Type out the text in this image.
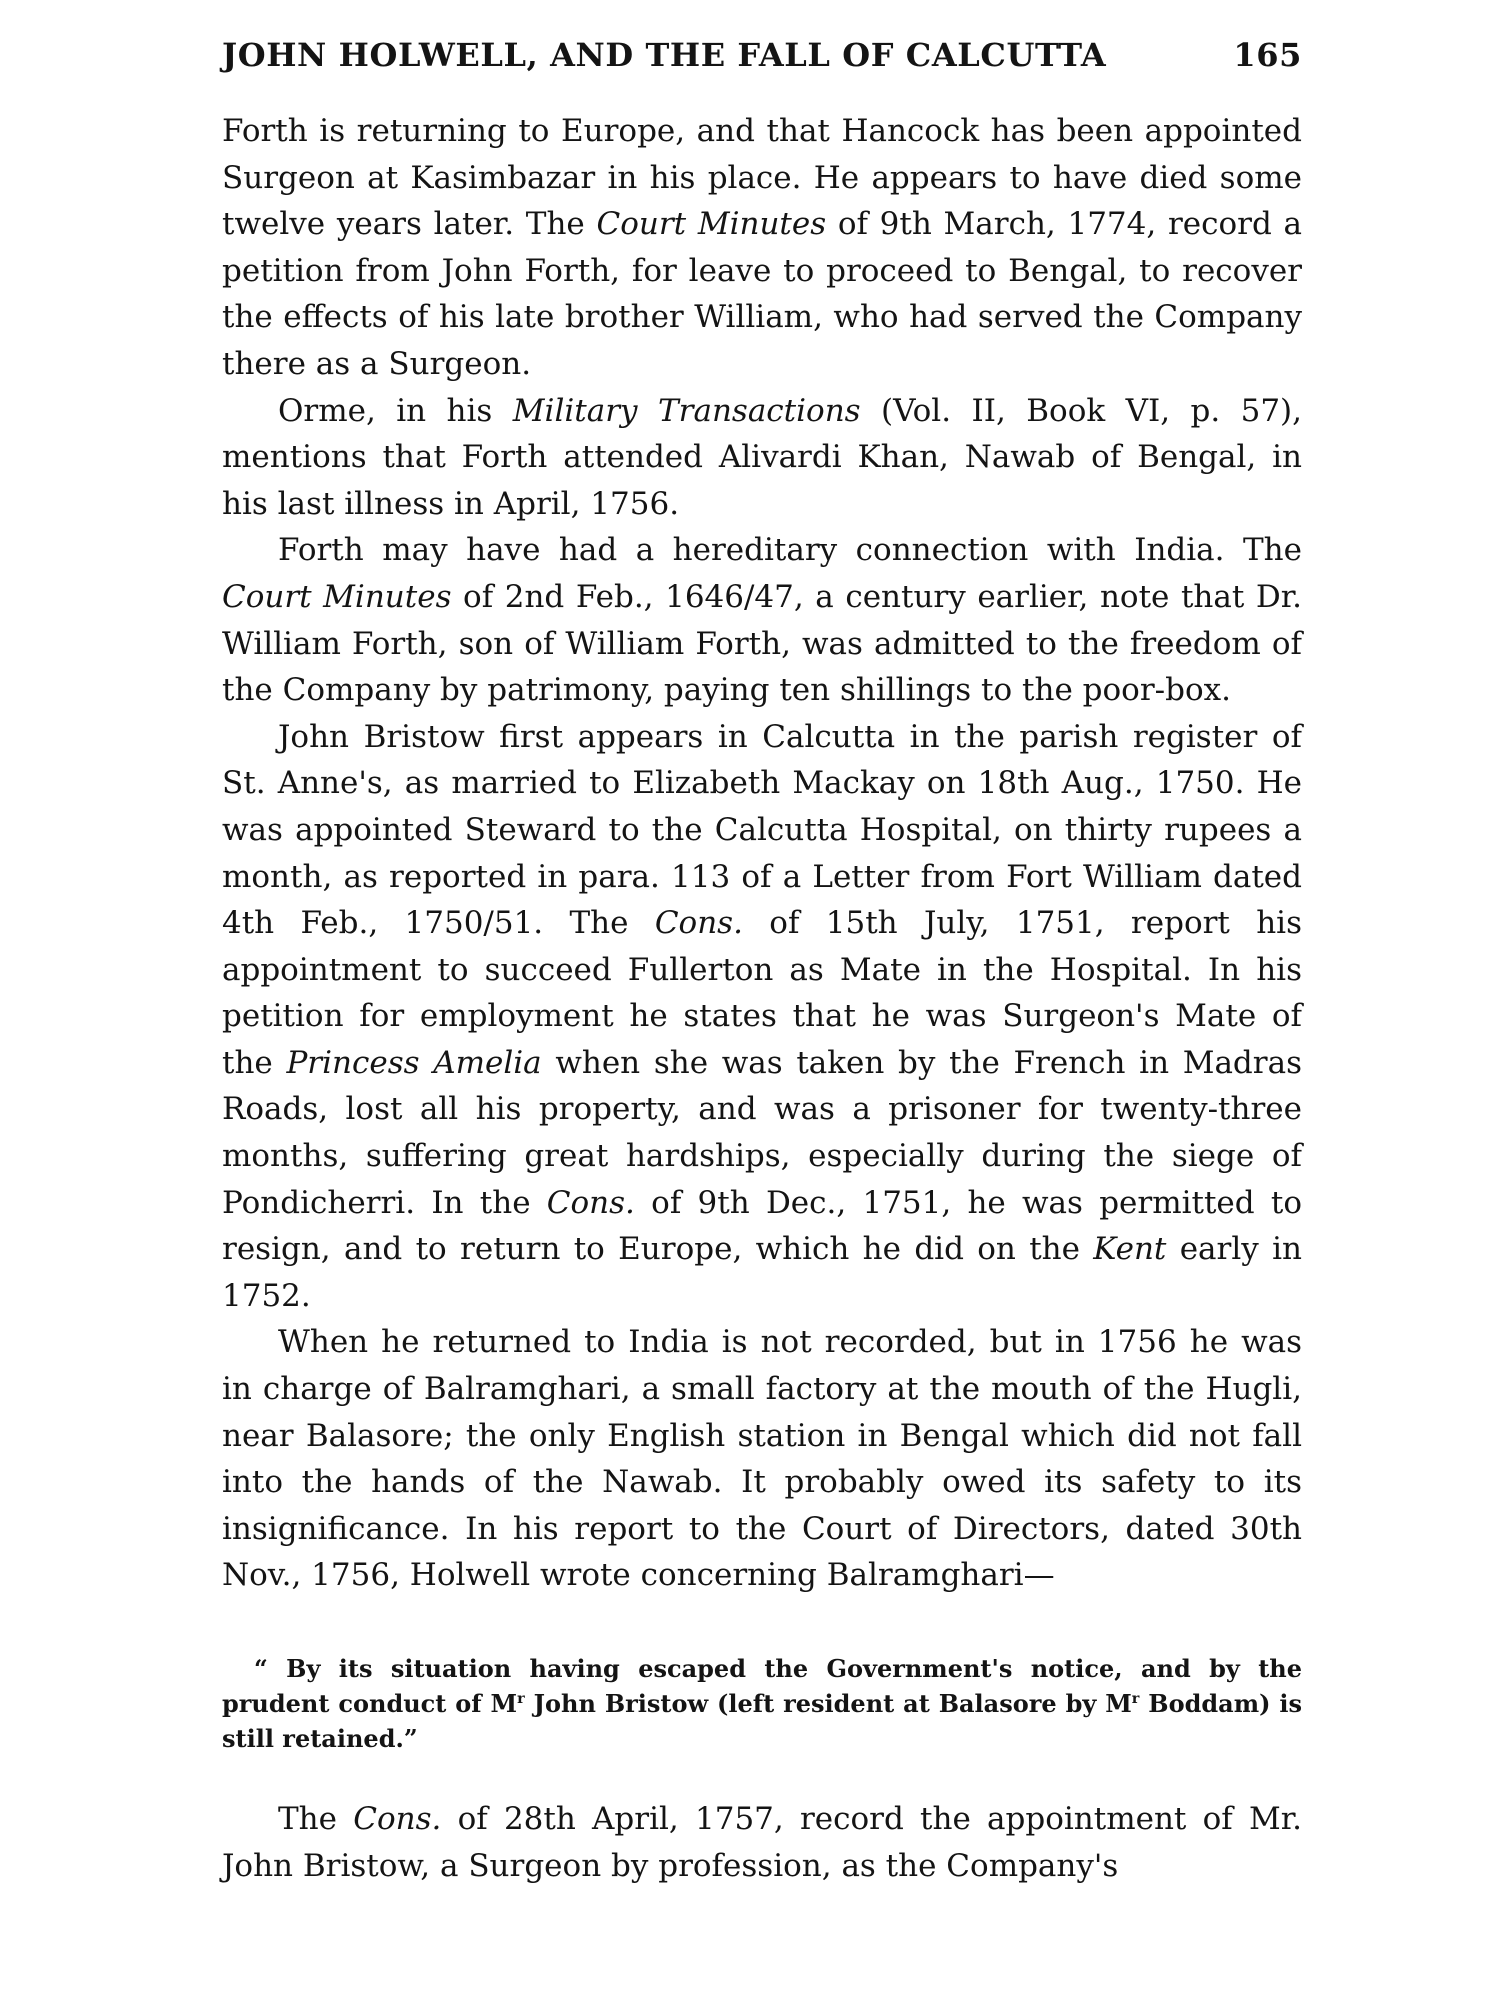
JOHN HOLWELL, AND THE FALL OF CALCUTTA	165

Forth is returning to Europe, and that Hancock has been appointed Surgeon at Kasimbazar in his place. He appears to have died some twelve years later. The Court Minutes of 9th March, 1774, record a petition from John Forth, for leave to proceed to Bengal, to recover the effects of his late brother William, who had served the Company there as a Surgeon.

Orme, in his Military Transactions (Vol. II, Book VI, p. 57), mentions that Forth attended Alivardi Khan, Nawab of Bengal, in his last illness in April, 1756.

Forth may have had a hereditary connection with India. The Court Minutes of 2nd Feb., 1646/47, a century earlier, note that Dr. William Forth, son of William Forth, was admitted to the freedom of the Company by patrimony, paying ten shillings to the poor-box.

John Bristow first appears in Calcutta in the parish register of St. Anne's, as married to Elizabeth Mackay on 18th Aug., 1750. He was appointed Steward to the Calcutta Hospital, on thirty rupees a month, as reported in para. 113 of a Letter from Fort William dated 4th Feb., 1750/51. The Cons. of 15th July, 1751, report his appointment to succeed Fullerton as Mate in the Hospital. In his petition for employment he states that he was Surgeon's Mate of the Princess Amelia when she was taken by the French in Madras Roads, lost all his property, and was a prisoner for twenty-three months, suffering great hardships, especially during the siege of Pondicherri. In the Cons. of 9th Dec., 1751, he was permitted to resign, and to return to Europe, which he did on the Kent early in 1752.

When he returned to India is not recorded, but in 1756 he was in charge of Balramghari, a small factory at the mouth of the Hugli, near Balasore; the only English station in Bengal which did not fall into the hands of the Nawab. It probably owed its safety to its insignificance. In his report to the Court of Directors, dated 30th Nov., 1756, Holwell wrote concerning Balramghari—

“ By its situation having escaped the Government's notice, and by the prudent conduct of $M^r$ John Bristow (left resident at Balasore by $M^r$ Boddam) is still retained.”

The Cons. of 28th April, 1757, record the appointment of Mr. John Bristow, a Surgeon by profession, as the Company's
